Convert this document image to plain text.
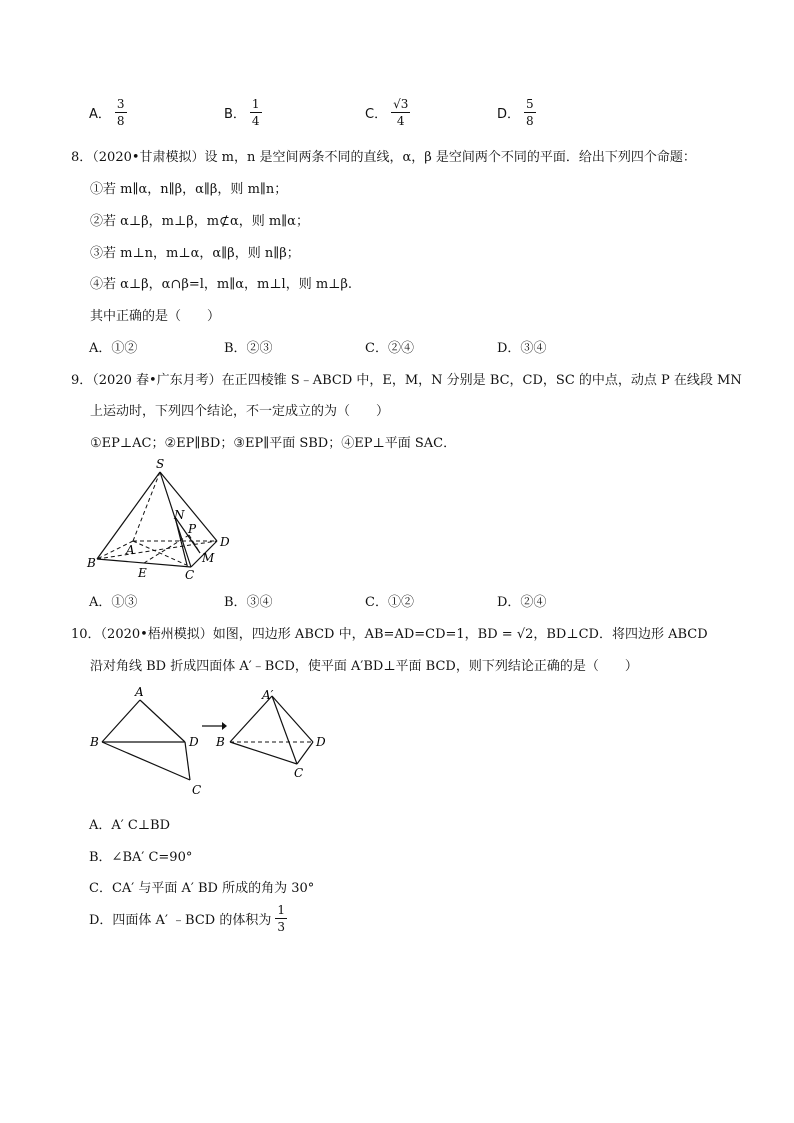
A． $\frac{3}{8}$	B． $\frac{1}{4}$	C． $\frac{√3}{4}$	D． $\frac{5}{8}$
8．（2020•甘肃模拟）设 m，n 是空间两条不同的直线，α，β 是空间两个不同的平面．给出下列四个命题：
①若 m∥α，n∥β，α∥β，则 m∥n；
②若 α⊥β，m⊥β，m⊄α，则 m∥α；
③若 m⊥n，m⊥α，α∥β，则 n∥β；
④若 α⊥β，α∩β=l，m∥α，m⊥l，则 m⊥β.
其中正确的是（　　）
A．①②	B．②③	C．②④	D．③④
9．（2020 春•广东月考）在正四棱锥 S﹣ABCD 中，E，M，N 分别是 BC，CD，SC 的中点，动点 P 在线段 MN
上运动时，下列四个结论，不一定成立的为（　　）
①EP⊥AC；②EP∥BD；③EP∥平面 SBD；④EP⊥平面 SAC．
S
N
P
D
A
B
E	C
M
A．①③	B．③④	C．①②	D．②④
10．（2020•梧州模拟）如图，四边形 ABCD 中，AB=AD=CD=1，BD = √2，BD⊥CD．将四边形 ABCD
沿对角线 BD 折成四面体 A′﹣BCD，使平面 A′BD⊥平面 BCD，则下列结论正确的是（　　）
A
B	D
C
A′
B	D
C
A．A′ C⊥BD
B．∠BA′ C=90°
C．CA′ 与平面 A′ BD 所成的角为 30°
D．四面体 A′ ﹣BCD 的体积为 $\frac{1}{3}$
